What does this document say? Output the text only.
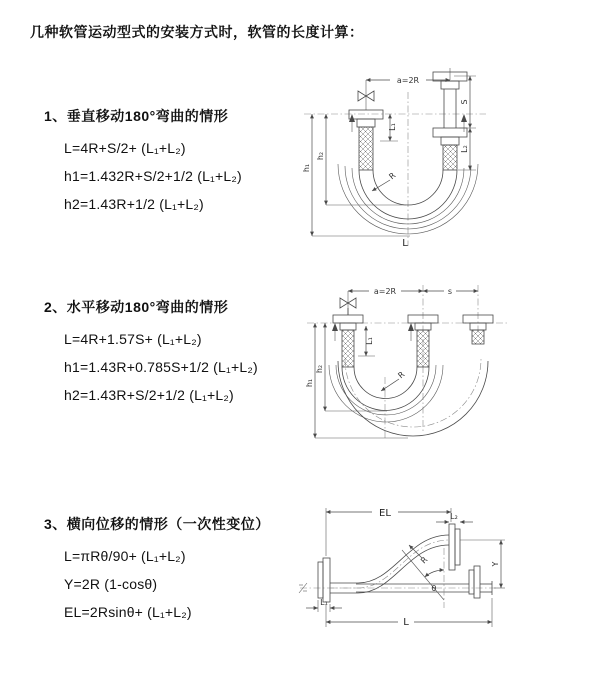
几种软管运动型式的安装方式时，软管的长度计算：
1、垂直移动180°弯曲的情形

L=4R+S/2+ (L₁+L₂)

h1=1.432R+S/2+1/2 (L₁+L₂)

h2=1.43R+1/2 (L₁+L₂)

2、水平移动180°弯曲的情形

L=4R+1.57S+ (L₁+L₂)

h1=1.43R+0.785S+1/2 (L₁+L₂)

h2=1.43R+S/2+1/2 (L₁+L₂)

3、横向位移的情形（一次性变位）

L=πRθ/90+ (L₁+L₂)

Y=2R (1-cosθ)

EL=2Rsinθ+ (L₁+L₂)

a=2R
S
L₂
h₁
h₂
L₁
R
L
a=2R	s
h₁
h₂
L₁
R
EL	L₂
L₁
L
Y
θ
R
